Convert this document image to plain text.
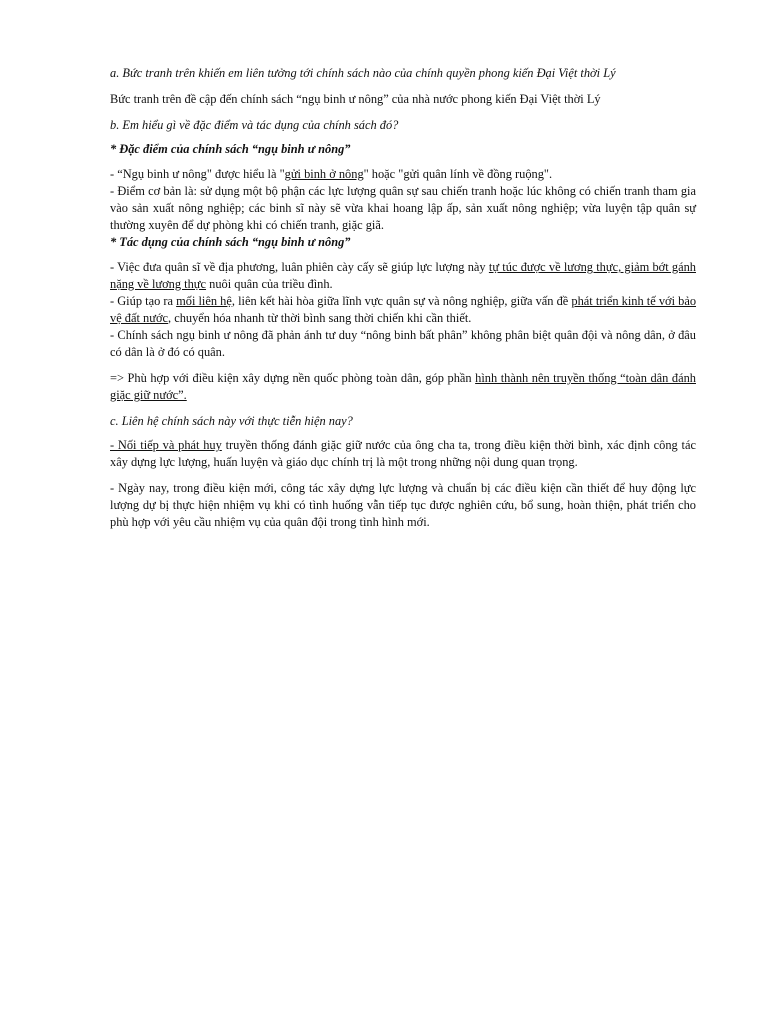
a. Bức tranh trên khiến em liên tưởng tới chính sách nào của chính quyền phong kiến Đại Việt thời Lý

Bức tranh trên đề cập đến chính sách “ngụ binh ư nông” của nhà nước phong kiến Đại Việt thời Lý

b. Em hiểu gì về đặc điểm và tác dụng của chính sách đó?

* Đặc điểm của chính sách “ngụ binh ư nông”

- “Ngụ binh ư nông" được hiểu là "gửi binh ở nông" hoặc "gửi quân lính về đồng ruộng".

- Điểm cơ bản là: sử dụng một bộ phận các lực lượng quân sự sau chiến tranh hoặc lúc không có chiến tranh tham gia vào sản xuất nông nghiệp; các binh sĩ này sẽ vừa khai hoang lập ấp, sản xuất nông nghiệp; vừa luyện tập quân sự thường xuyên để dự phòng khi có chiến tranh, giặc giã.

* Tác dụng của chính sách “ngụ binh ư nông”

- Việc đưa quân sĩ về địa phương, luân phiên cày cấy sẽ giúp lực lượng này tự túc được về lương thực, giảm bớt gánh nặng về lương thực nuôi quân của triều đình.

- Giúp tạo ra mối liên hệ, liên kết hài hòa giữa lĩnh vực quân sự và nông nghiệp, giữa vấn đề phát triển kinh tế với bảo vệ đất nước, chuyển hóa nhanh từ thời bình sang thời chiến khi cần thiết.

- Chính sách ngụ binh ư nông đã phản ánh tư duy “nông binh bất phân” không phân biệt quân đội và nông dân, ở đâu có dân là ở đó có quân.

=> Phù hợp với điều kiện xây dựng nền quốc phòng toàn dân, góp phần hình thành nên truyền thống “toàn dân đánh giặc giữ nước”.

c. Liên hệ chính sách này với thực tiễn hiện nay?

- Nối tiếp và phát huy truyền thống đánh giặc giữ nước của ông cha ta, trong điều kiện thời bình, xác định công tác xây dựng lực lượng, huấn luyện và giáo dục chính trị là một trong những nội dung quan trọng.

- Ngày nay, trong điều kiện mới, công tác xây dựng lực lượng và chuẩn bị các điều kiện cần thiết để huy động lực lượng dự bị thực hiện nhiệm vụ khi có tình huống vẫn tiếp tục được nghiên cứu, bổ sung, hoàn thiện, phát triển cho phù hợp với yêu cầu nhiệm vụ của quân đội trong tình hình mới.
